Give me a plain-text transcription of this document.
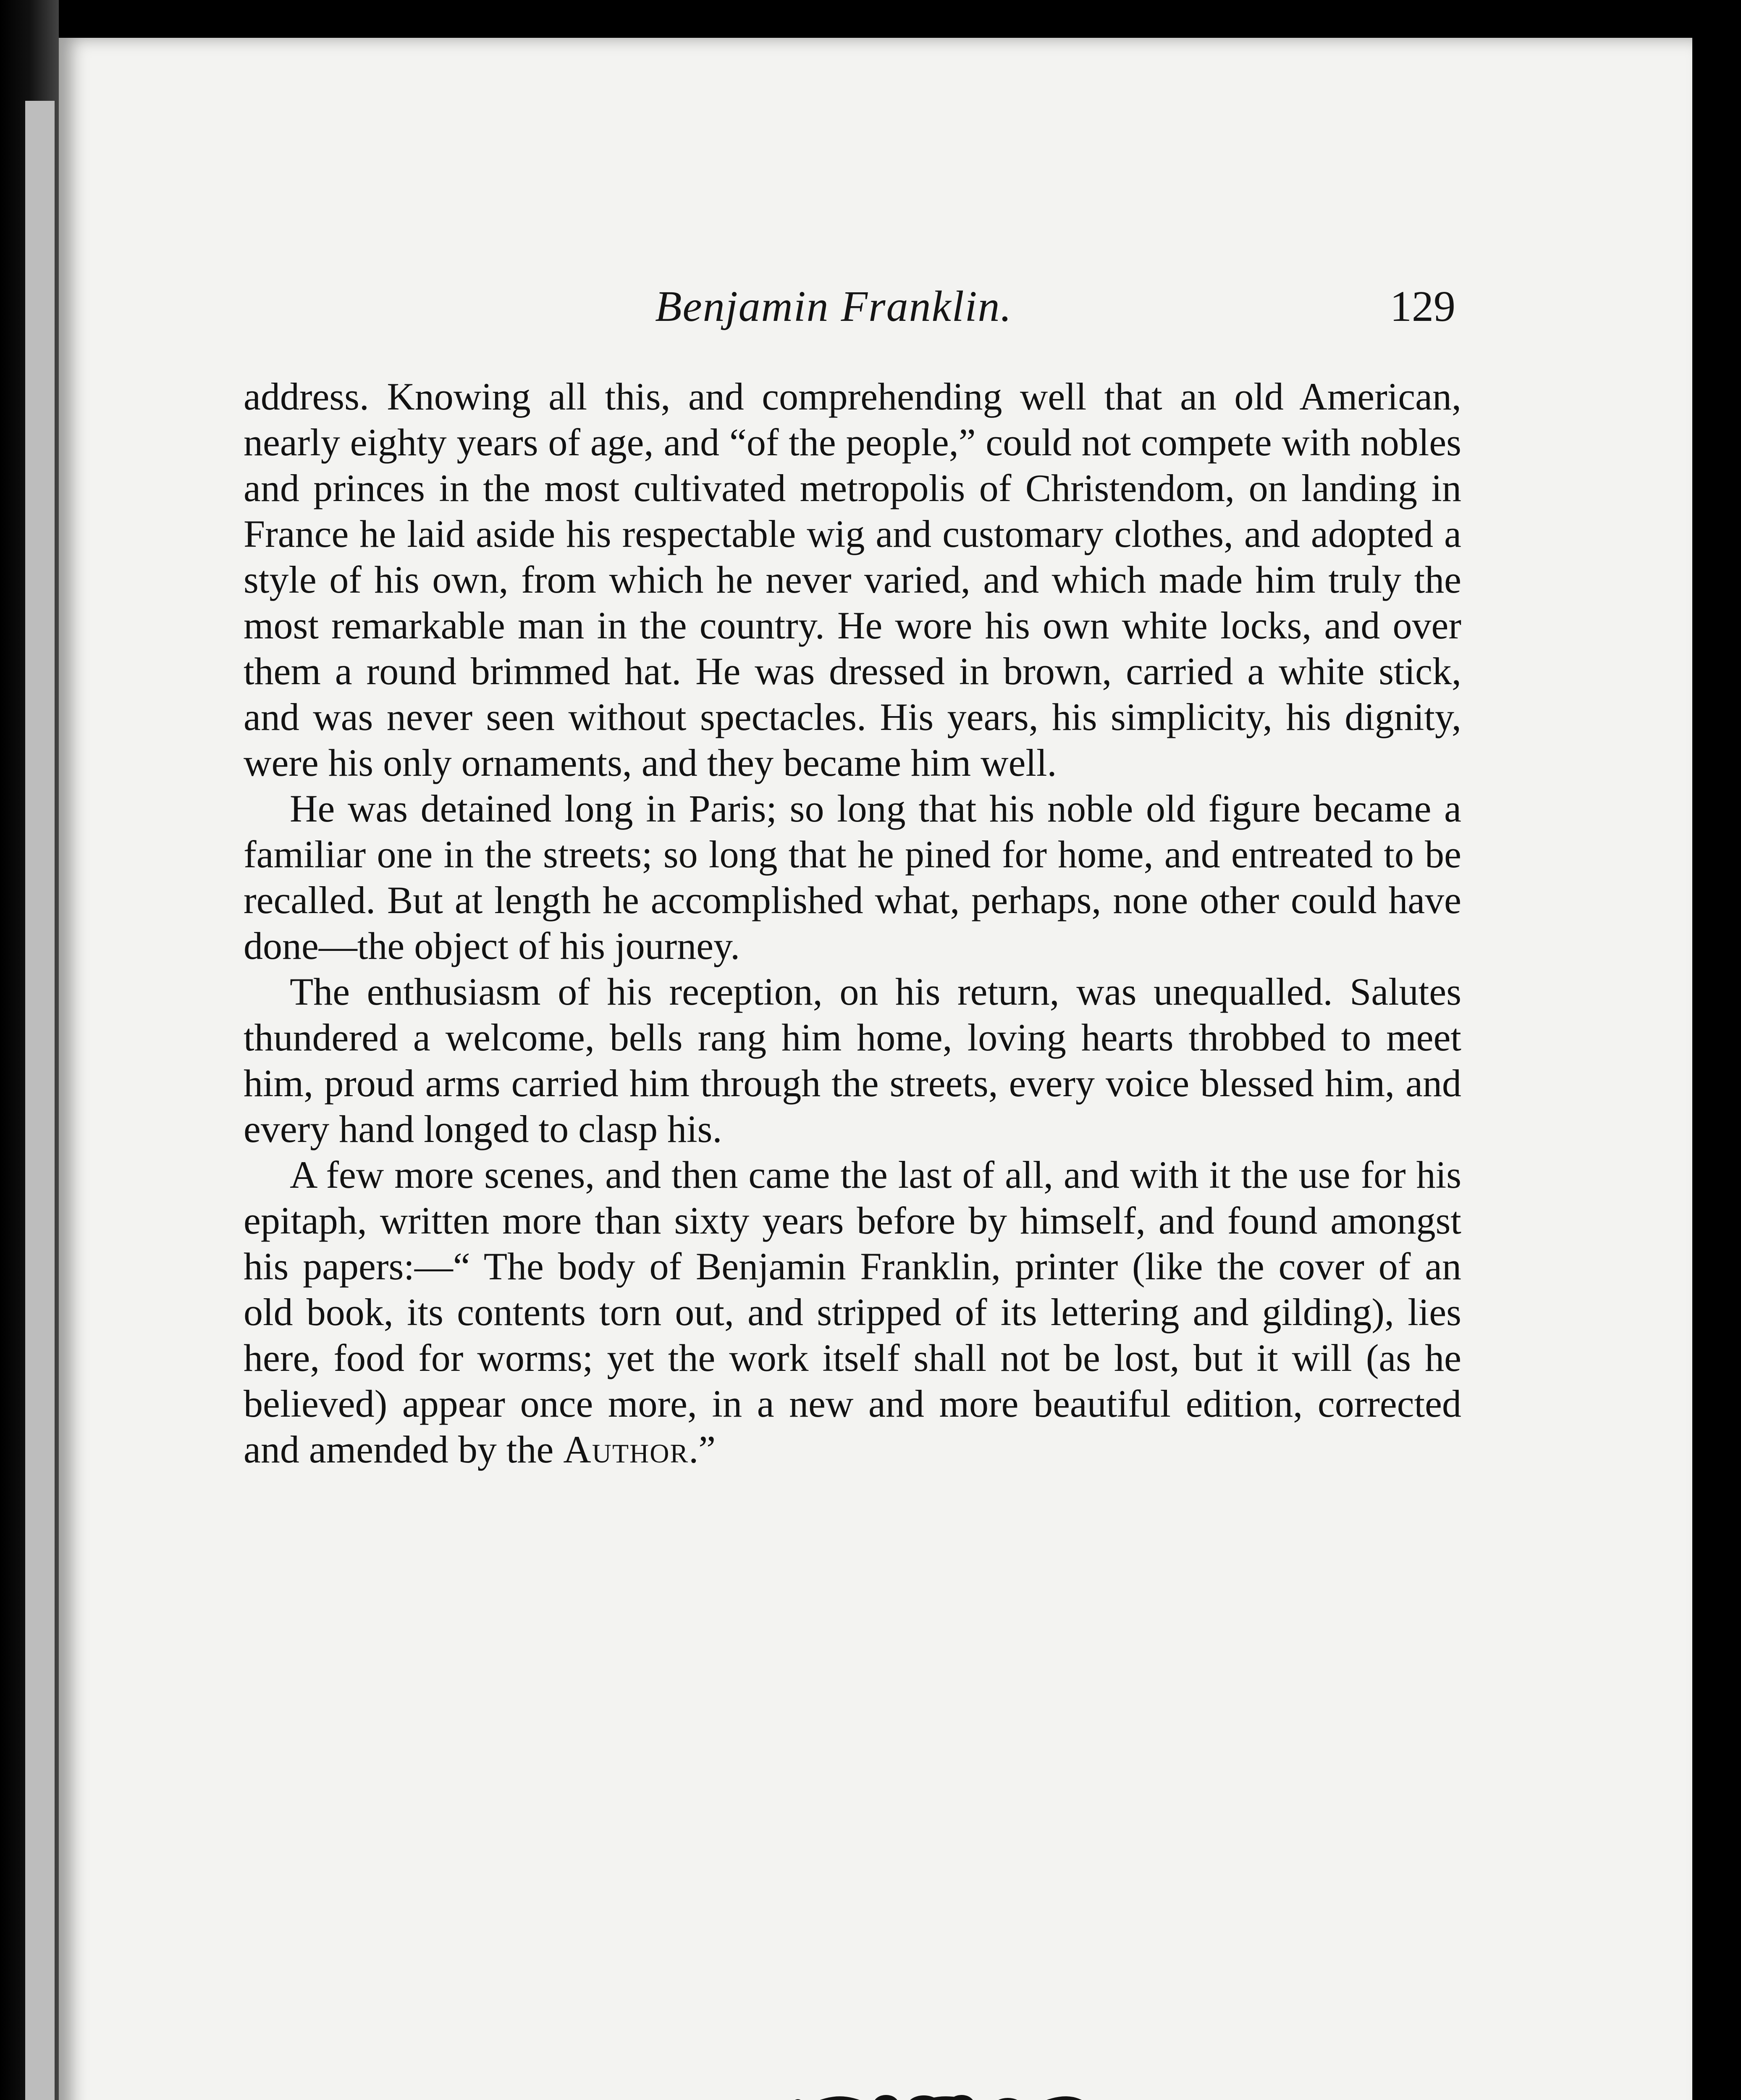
Benjamin Franklin.	129

address. Knowing all this, and comprehending well that an old American, nearly eighty years of age, and “of the people,” could not compete with nobles and princes in the most cultivated metropolis of Christendom, on landing in France he laid aside his respectable wig and customary clothes, and adopted a style of his own, from which he never varied, and which made him truly the most remarkable man in the country. He wore his own white locks, and over them a round brimmed hat. He was dressed in brown, carried a white stick, and was never seen without spectacles. His years, his simplicity, his dignity, were his only ornaments, and they became him well.

He was detained long in Paris; so long that his noble old figure became a familiar one in the streets; so long that he pined for home, and entreated to be recalled. But at length he accomplished what, perhaps, none other could have done—the object of his journey.

The enthusiasm of his reception, on his return, was unequalled. Salutes thundered a welcome, bells rang him home, loving hearts throbbed to meet him, proud arms carried him through the streets, every voice blessed him, and every hand longed to clasp his.

A few more scenes, and then came the last of all, and with it the use for his epitaph, written more than sixty years before by himself, and found amongst his papers:—“ The body of Benjamin Franklin, printer (like the cover of an old book, its contents torn out, and stripped of its lettering and gilding), lies here, food for worms; yet the work itself shall not be lost, but it will (as he believed) appear once more, in a new and more beautiful edition, corrected and amended by the Author.”
